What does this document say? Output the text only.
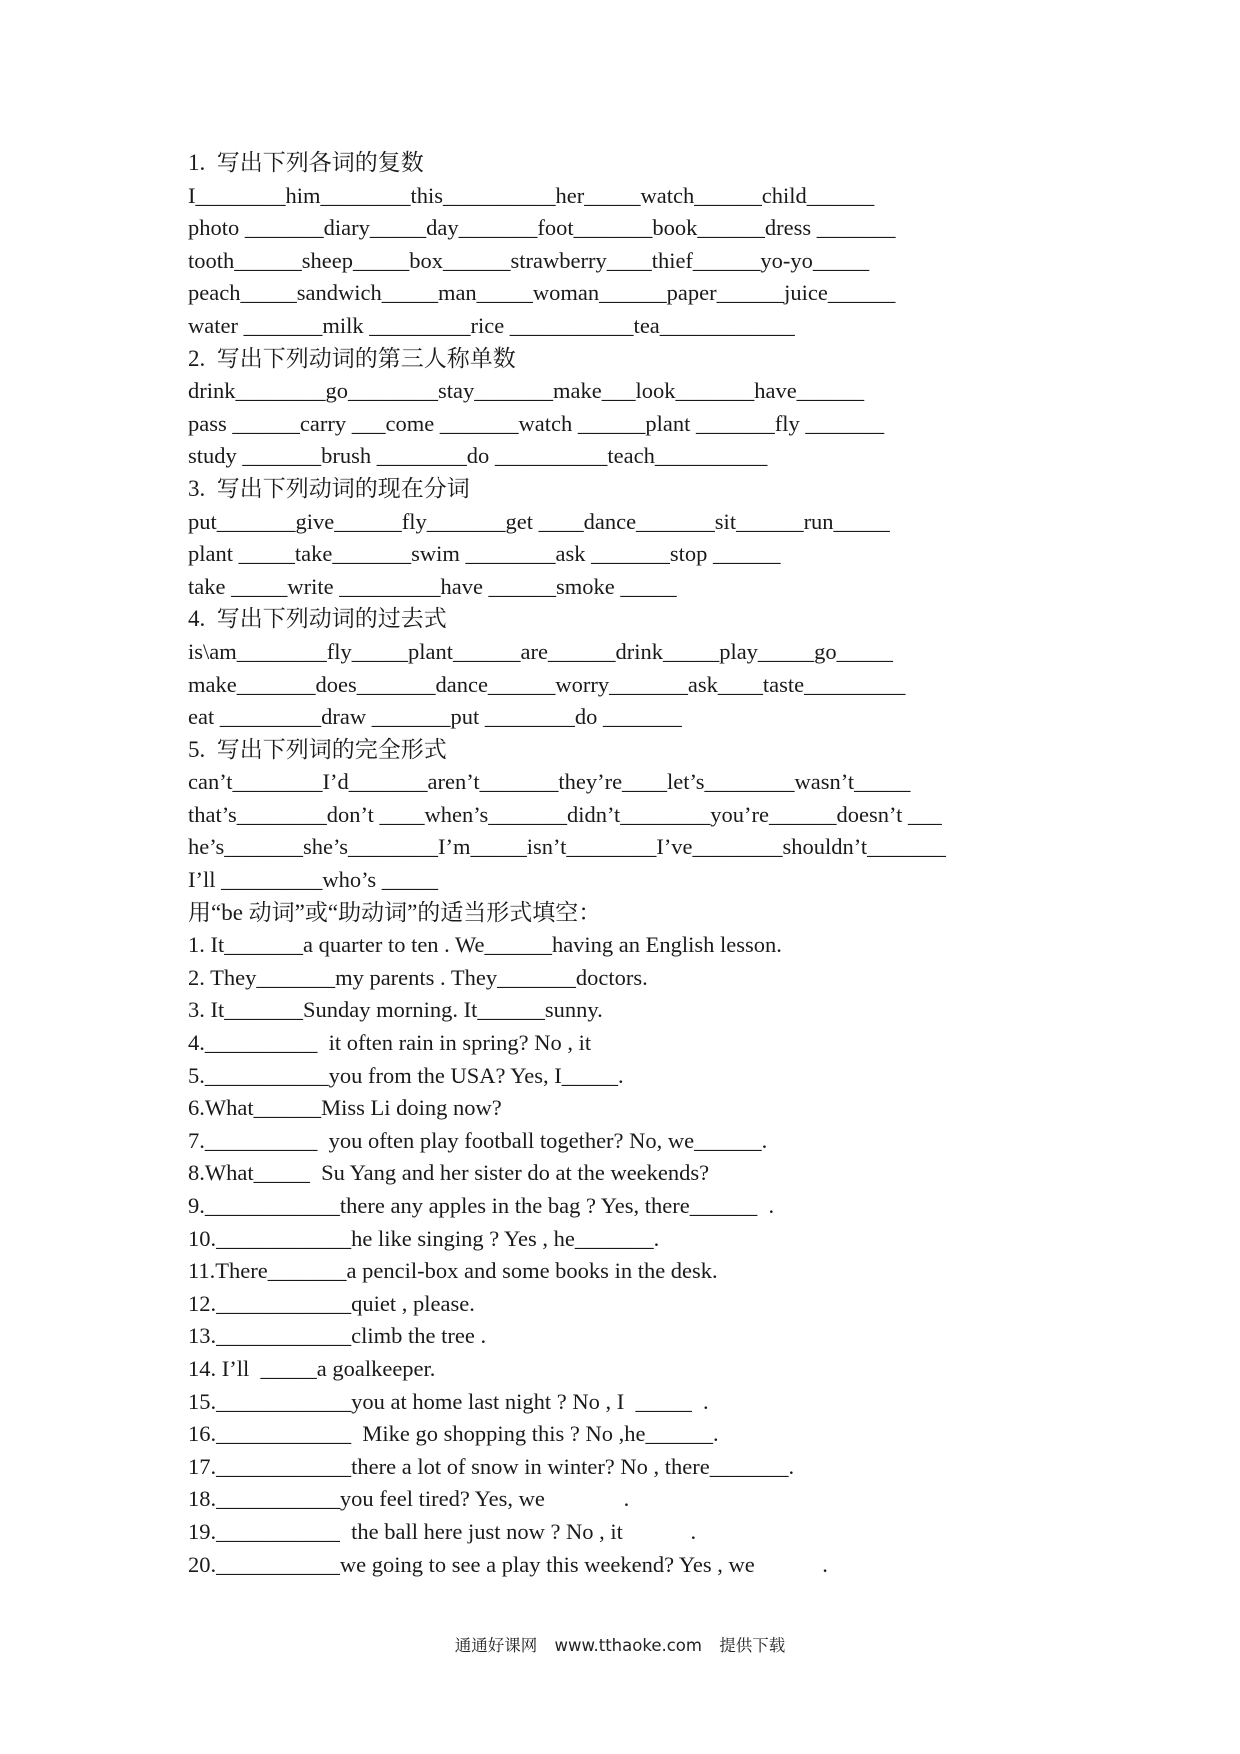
1.  写出下列各词的复数
I________him________this__________her_____watch______child______
photo _______diary_____day_______foot_______book______dress _______
tooth______sheep_____box______strawberry____thief______yo-yo_____
peach_____sandwich_____man_____woman______paper______juice______
water _______milk _________rice ___________tea____________
2.  写出下列动词的第三人称单数
drink________go________stay_______make___look_______have______
pass ______carry ___come _______watch ______plant _______fly _______
study _______brush ________do __________teach__________
3.  写出下列动词的现在分词
put_______give______fly_______get ____dance_______sit______run_____
plant _____take_______swim ________ask _______stop ______
take _____write _________have ______smoke _____
4.  写出下列动词的过去式
is\am________fly_____plant______are______drink_____play_____go_____
make_______does_______dance______worry_______ask____taste_________
eat _________draw _______put ________do _______
5.  写出下列词的完全形式
can’t________I’d_______aren’t_______they’re____let’s________wasn’t_____
that’s________don’t ____when’s_______didn’t________you’re______doesn’t ___
he’s_______she’s________I’m_____isn’t________I’ve________shouldn’t_______
I’ll _________who’s _____
用“be 动词”或“助动词”的适当形式填空：
1. It_______a quarter to ten . We______having an English lesson.
2. They_______my parents . They_______doctors.
3. It_______Sunday morning. It______sunny.
4.__________  it often rain in spring? No , it
5.___________you from the USA? Yes, I_____.
6.What______Miss Li doing now?
7.__________  you often play football together? No, we______.
8.What_____  Su Yang and her sister do at the weekends?
9.____________there any apples in the bag ? Yes, there______  .
10.____________he like singing ? Yes , he_______.
11.There_______a pencil-box and some books in the desk.
12.____________quiet , please.
13.____________climb the tree .
14. I’ll  _____a goalkeeper.
15.____________you at home last night ? No , I  _____  .
16.____________  Mike go shopping this ? No ,he______.
17.____________there a lot of snow in winter? No , there_______.
18.___________you feel tired? Yes, we              .
19.___________  the ball here just now ? No , it            .
20.___________we going to see a play this weekend? Yes , we            .
通通好课网 www.tthaoke.com 提供下载
